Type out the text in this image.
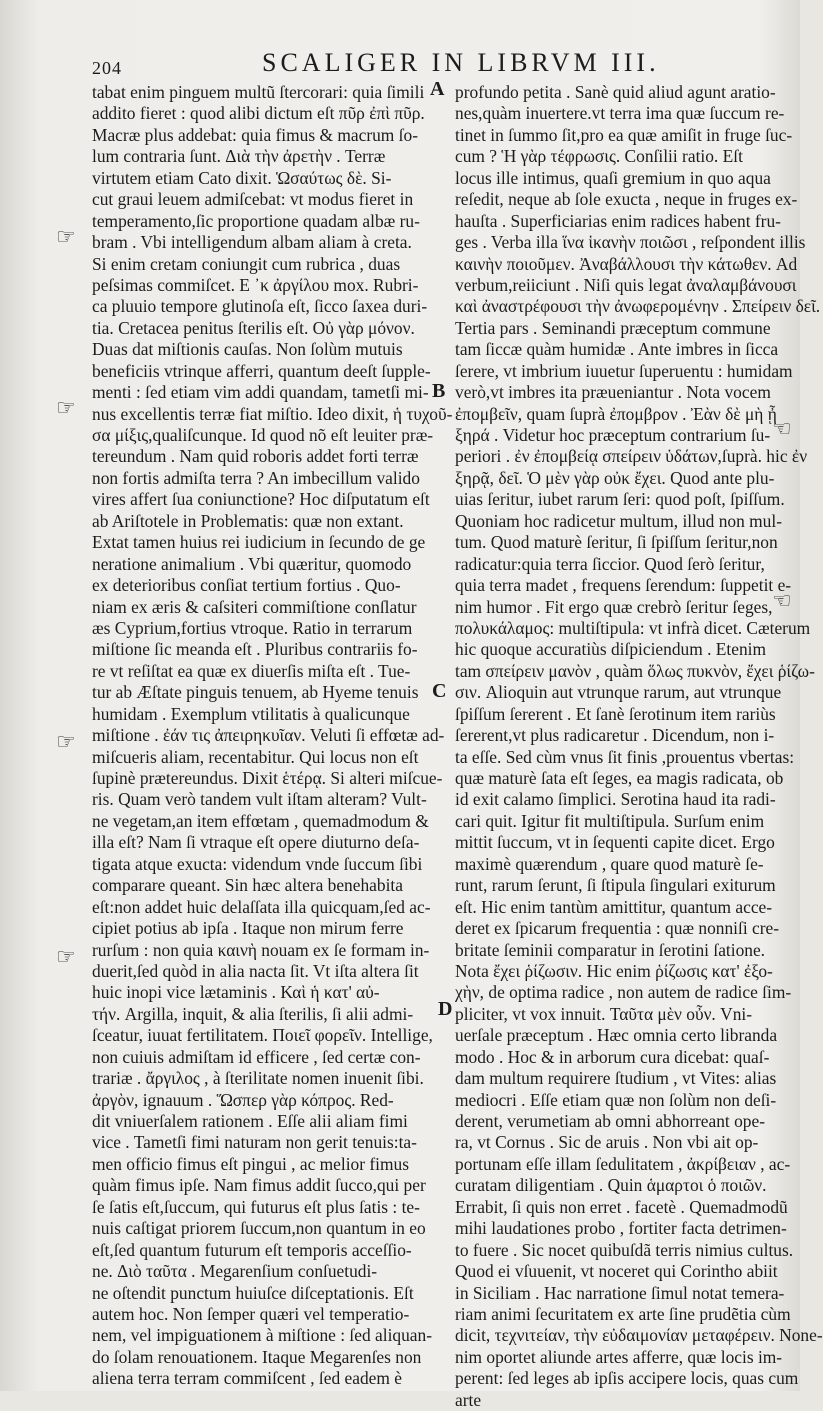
204	SCALIGER IN LIBRVM III.
☞
☞
☞
☞
☜
☜
A
B
C
D
tabat enim pinguem multũ ſtercorari: quia ſimili
addito fieret : quod alibi dictum eſt πῦρ ἐπὶ πῦρ.
Macræ plus addebat: quia fimus & macrum ſo-
lum contraria ſunt. Διὰ τὴν ἀρετὴν . Terræ
virtutem etiam Cato dixit. Ὡσαύτως δὲ. Si-
cut graui leuem admiſcebat: vt modus fieret in
temperamento,ſic proportione quadam albæ ru-
bram . Vbi intelligendum albam aliam à creta.
Si enim cretam coniungit cum rubrica , duas
peſsimas commiſcet. Ε ᾽κ ἀργίλου mox. Rubri-
ca pluuio tempore glutinoſa eſt, ſicco ſaxea duri-
tia. Cretacea penitus ſterilis eſt. Οὐ γὰρ μόνον.
Duas dat miſtionis cauſas. Non ſolùm mutuis
beneficiis vtrinque afferri, quantum deeſt ſupple-
menti : ſed etiam vim addi quandam, tametſi mi-
nus excellentis terræ fiat miſtio. Ideo dixit, ἡ τυχοῦ-
σα μίξις,qualiſcunque. Id quod nõ eſt leuiter præ-
tereundum . Nam quid roboris addet forti terræ
non fortis admiſta terra ? An imbecillum valido
vires affert ſua coniunctione? Hoc diſputatum eſt
ab Ariſtotele in Problematis: quæ non extant.
Extat tamen huius rei iudicium in ſecundo de ge
neratione animalium . Vbi quæritur, quomodo
ex deterioribus conſiat tertium fortius . Quo-
niam ex æris & caſsiteri commiſtione conſlatur
æs Cyprium,fortius vtroque. Ratio in terrarum
miſtione ſic meanda eſt . Pluribus contrariis fo-
re vt reſiſtat ea quæ ex diuerſis miſta eſt . Tue-
tur ab Æſtate pinguis tenuem, ab Hyeme tenuis
humidam . Exemplum vtilitatis à qualicunque
miſtione . ἐάν τις ἀπειρηκυῖαν. Veluti ſi effœtæ ad-
miſcueris aliam, recentabitur. Qui locus non eſt
ſupinè prætereundus. Dixit ἑτέρᾳ. Si alteri miſcue-
ris. Quam verò tandem vult iſtam alteram? Vult-
ne vegetam,an item effœtam , quemadmodum &
illa eſt? Nam ſi vtraque eſt opere diuturno deſa-
tigata atque exucta: videndum vnde ſuccum ſibi
comparare queant. Sin hæc altera benehabita
eſt:non addet huic delaſſata illa quicquam,ſed ac-
cipiet potius ab ipſa . Itaque non mirum ferre
rurſum : non quia καινὴ nouam ex ſe formam in-
duerit,ſed quòd in alia nacta ſit. Vt iſta altera ſit
huic inopi vice lætaminis . Καὶ ἡ κατ' αὐ-
τήν. Argilla, inquit, & alia ſterilis, ſi alii admi-
ſceatur, iuuat fertilitatem. Ποιεῖ φορεῖν. Intellige,
non cuiuis admiſtam id efficere , ſed certæ con-
trariæ . ἄργιλος , à ſterilitate nomen inuenit ſibi.
ἀργὸν, ignauum . Ὥσπερ γὰρ κόπρος. Red-
dit vniuerſalem rationem . Eſſe alii aliam fimi
vice . Tametſi fimi naturam non gerit tenuis:ta-
men officio fimus eſt pingui , ac melior fimus
quàm fimus ipſe. Nam fimus addit ſucco,qui per
ſe ſatis eſt,ſuccum, qui futurus eſt plus ſatis : te-
nuis caſtigat priorem ſuccum,non quantum in eo
eſt,ſed quantum futurum eſt temporis acceſſio-
ne. Διὸ ταῦτα . Megarenſium conſuetudi-
ne oſtendit punctum huiuſce diſceptationis. Eſt
autem hoc. Non ſemper quæri vel temperatio-
nem, vel impiguationem à miſtione : ſed aliquan-
do ſolam renouationem. Itaque Megarenſes non
aliena terra terram commiſcent , ſed eadem è
profundo petita . Sanè quid aliud agunt aratio-
nes,quàm inuertere.vt terra ima quæ ſuccum re-
tinet in ſummo ſit,pro ea quæ amiſit in fruge ſuc-
cum ? Ἡ γὰρ τέφρωσις. Conſilii ratio. Eſt
locus ille intimus, quaſi gremium in quo aqua
reſedit, neque ab ſole exucta , neque in fruges ex-
hauſta . Superficiarias enim radices habent fru-
ges . Verba illa ἵνα ἱκανὴν ποιῶσι , reſpondent illis
καινὴν ποιοῦμεν. Ἀναβάλλουσι τὴν κάτωθεν. Ad
verbum,reiiciunt . Niſi quis legat ἀναλαμβάνουσι
καὶ ἀναστρέφουσι τὴν ἀνωφερομένην . Σπείρειν δεῖ.
Tertia pars . Seminandi præceptum commune
tam ſiccæ quàm humidæ . Ante imbres in ſicca
ſerere, vt imbrium iuuetur ſuperuentu : humidam
verò,vt imbres ita præueniantur . Nota vocem
ἐπομβεῖν, quam ſuprà ἐπομβρον . Ἐὰν δὲ μὴ ᾖ
ξηρά . Videtur hoc præceptum contrarium ſu-
periori . ἐν ἐπομβείᾳ σπείρειν ὑδάτων,ſuprà. hic ἐν
ξηρᾷ, δεῖ. Ὁ μὲν γὰρ οὐκ ἔχει. Quod ante plu-
uias ſeritur, iubet rarum ſeri: quod poſt, ſpiſſum.
Quoniam hoc radicetur multum, illud non mul-
tum. Quod maturè ſeritur, ſi ſpiſſum ſeritur,non
radicatur:quia terra ſiccior. Quod ſerò ſeritur,
quia terra madet , frequens ſerendum: ſuppetit e-
nim humor . Fit ergo quæ crebrò ſeritur ſeges,
πολυκάλαμος: multiſtipula: vt infrà dicet. Cæterum
hic quoque accuratiùs diſpiciendum . Etenim
tam σπείρειν μανὸν , quàm ὅλως πυκνὸν, ἔχει ῥίζω-
σιν. Alioquin aut vtrunque rarum, aut vtrunque
ſpiſſum ſererent . Et ſanè ſerotinum item rariùs
ſererent,vt plus radicaretur . Dicendum, non i-
ta eſſe. Sed cùm vnus ſit finis ,prouentus vbertas:
quæ maturè ſata eſt ſeges, ea magis radicata, ob
id exit calamo ſimplici. Serotina haud ita radi-
cari quit. Igitur fit multiſtipula. Surſum enim
mittit ſuccum, vt in ſequenti capite dicet. Ergo
maximè quærendum , quare quod maturè ſe-
runt, rarum ſerunt, ſi ſtipula ſingulari exiturum
eſt. Hic enim tantùm amittitur, quantum acce-
deret ex ſpicarum frequentia : quæ nonniſi cre-
britate ſeminii comparatur in ſerotini ſatione.
Nota ἔχει ῥίζωσιν. Hic enim ῥίζωσις κατ' ἐξο-
χὴν, de optima radice , non autem de radice ſim-
pliciter, vt vox innuit. Ταῦτα μὲν οὖν. Vni-
uerſale præceptum . Hæc omnia certo libranda
modo . Hoc & in arborum cura dicebat: quaſ-
dam multum requirere ſtudium , vt Vites: alias
mediocri . Eſſe etiam quæ non ſolùm non deſi-
derent, verumetiam ab omni abhorreant ope-
ra, vt Cornus . Sic de aruis . Non vbi ait op-
portunam eſſe illam ſedulitatem , ἀκρίβειαν , ac-
curatam diligentiam . Quin ἁμαρτοι ὁ ποιῶν.
Errabit, ſi quis non erret . facetè . Quemadmodũ
mihi laudationes probo , fortiter facta detrimen-
to fuere . Sic nocet quibuſdã terris nimius cultus.
Quod ei vſuuenit, vt noceret qui Corintho abiit
in Siciliam . Hac narratione ſimul notat temera-
riam animi ſecuritatem ex arte ſine prudẽtia cùm
dicit, τεχνιτείαν, τὴν εὐδαιμονίαν μεταφέρειν. None-
nim oportet aliunde artes afferre, quæ locis im-
perent: ſed leges ab ipſis accipere locis, quas cum
arte
